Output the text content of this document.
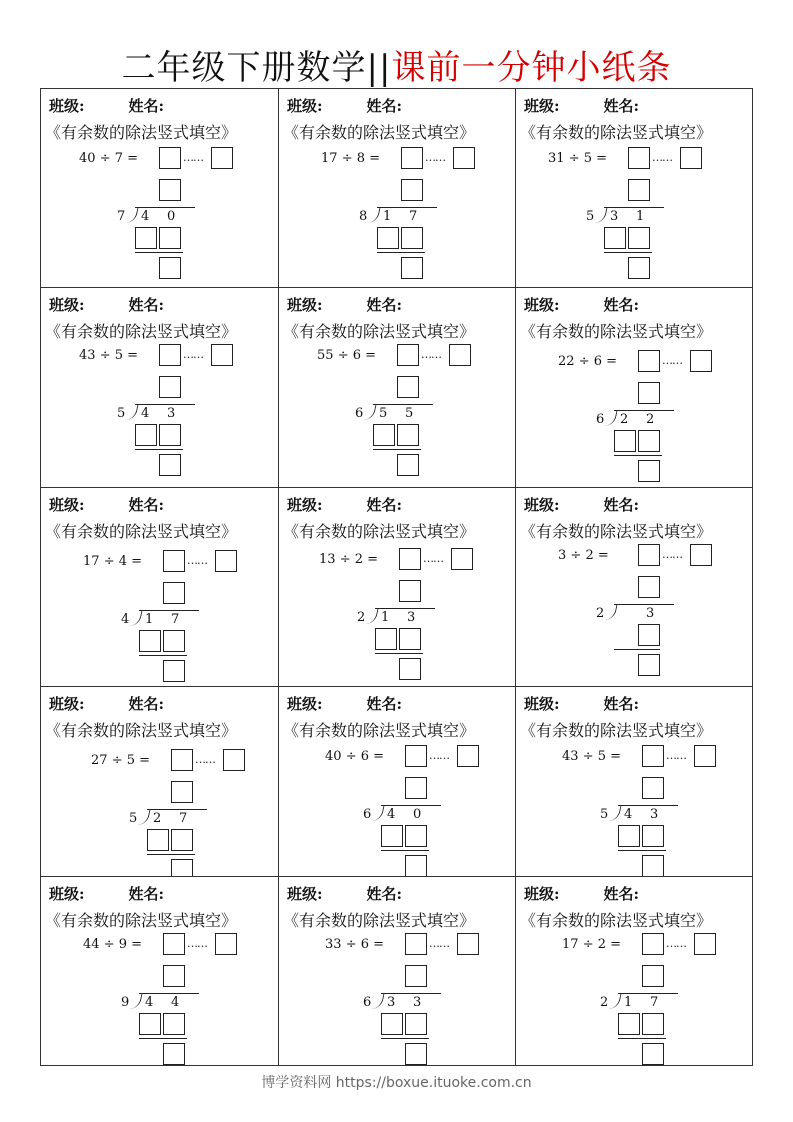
二年级下册数学||课前一分钟小纸条
班级:	姓名:
《有余数的除法竖式填空》
40 ÷ 7 =	……
7 4 0
班级:	姓名:
《有余数的除法竖式填空》
17 ÷ 8 =	……
8 1 7
班级:	姓名:
《有余数的除法竖式填空》
31 ÷ 5 =	……
5 3 1
班级:	姓名:
《有余数的除法竖式填空》
43 ÷ 5 =	……
5 4 3
班级:	姓名:
《有余数的除法竖式填空》
55 ÷ 6 =	……
6 5 5
班级:	姓名:
《有余数的除法竖式填空》
22 ÷ 6 =	……
6 2 2
班级:	姓名:
《有余数的除法竖式填空》
17 ÷ 4 =	……
4 1 7
班级:	姓名:
《有余数的除法竖式填空》
13 ÷ 2 =	……
2 1 3
班级:	姓名:
《有余数的除法竖式填空》
3 ÷ 2 =	……
2	3
班级:	姓名:
《有余数的除法竖式填空》
27 ÷ 5 =	……
5 2 7
班级:	姓名:
《有余数的除法竖式填空》
40 ÷ 6 =	……
6 4 0
班级:	姓名:
《有余数的除法竖式填空》
43 ÷ 5 =	……
5 4 3
班级:	姓名:
《有余数的除法竖式填空》
44 ÷ 9 =	……
9 4 4
班级:	姓名:
《有余数的除法竖式填空》
33 ÷ 6 =	……
6 3 3
班级:	姓名:
《有余数的除法竖式填空》
17 ÷ 2 =	……
2 1 7
博学资料网 https://boxue.ituoke.com.cn
